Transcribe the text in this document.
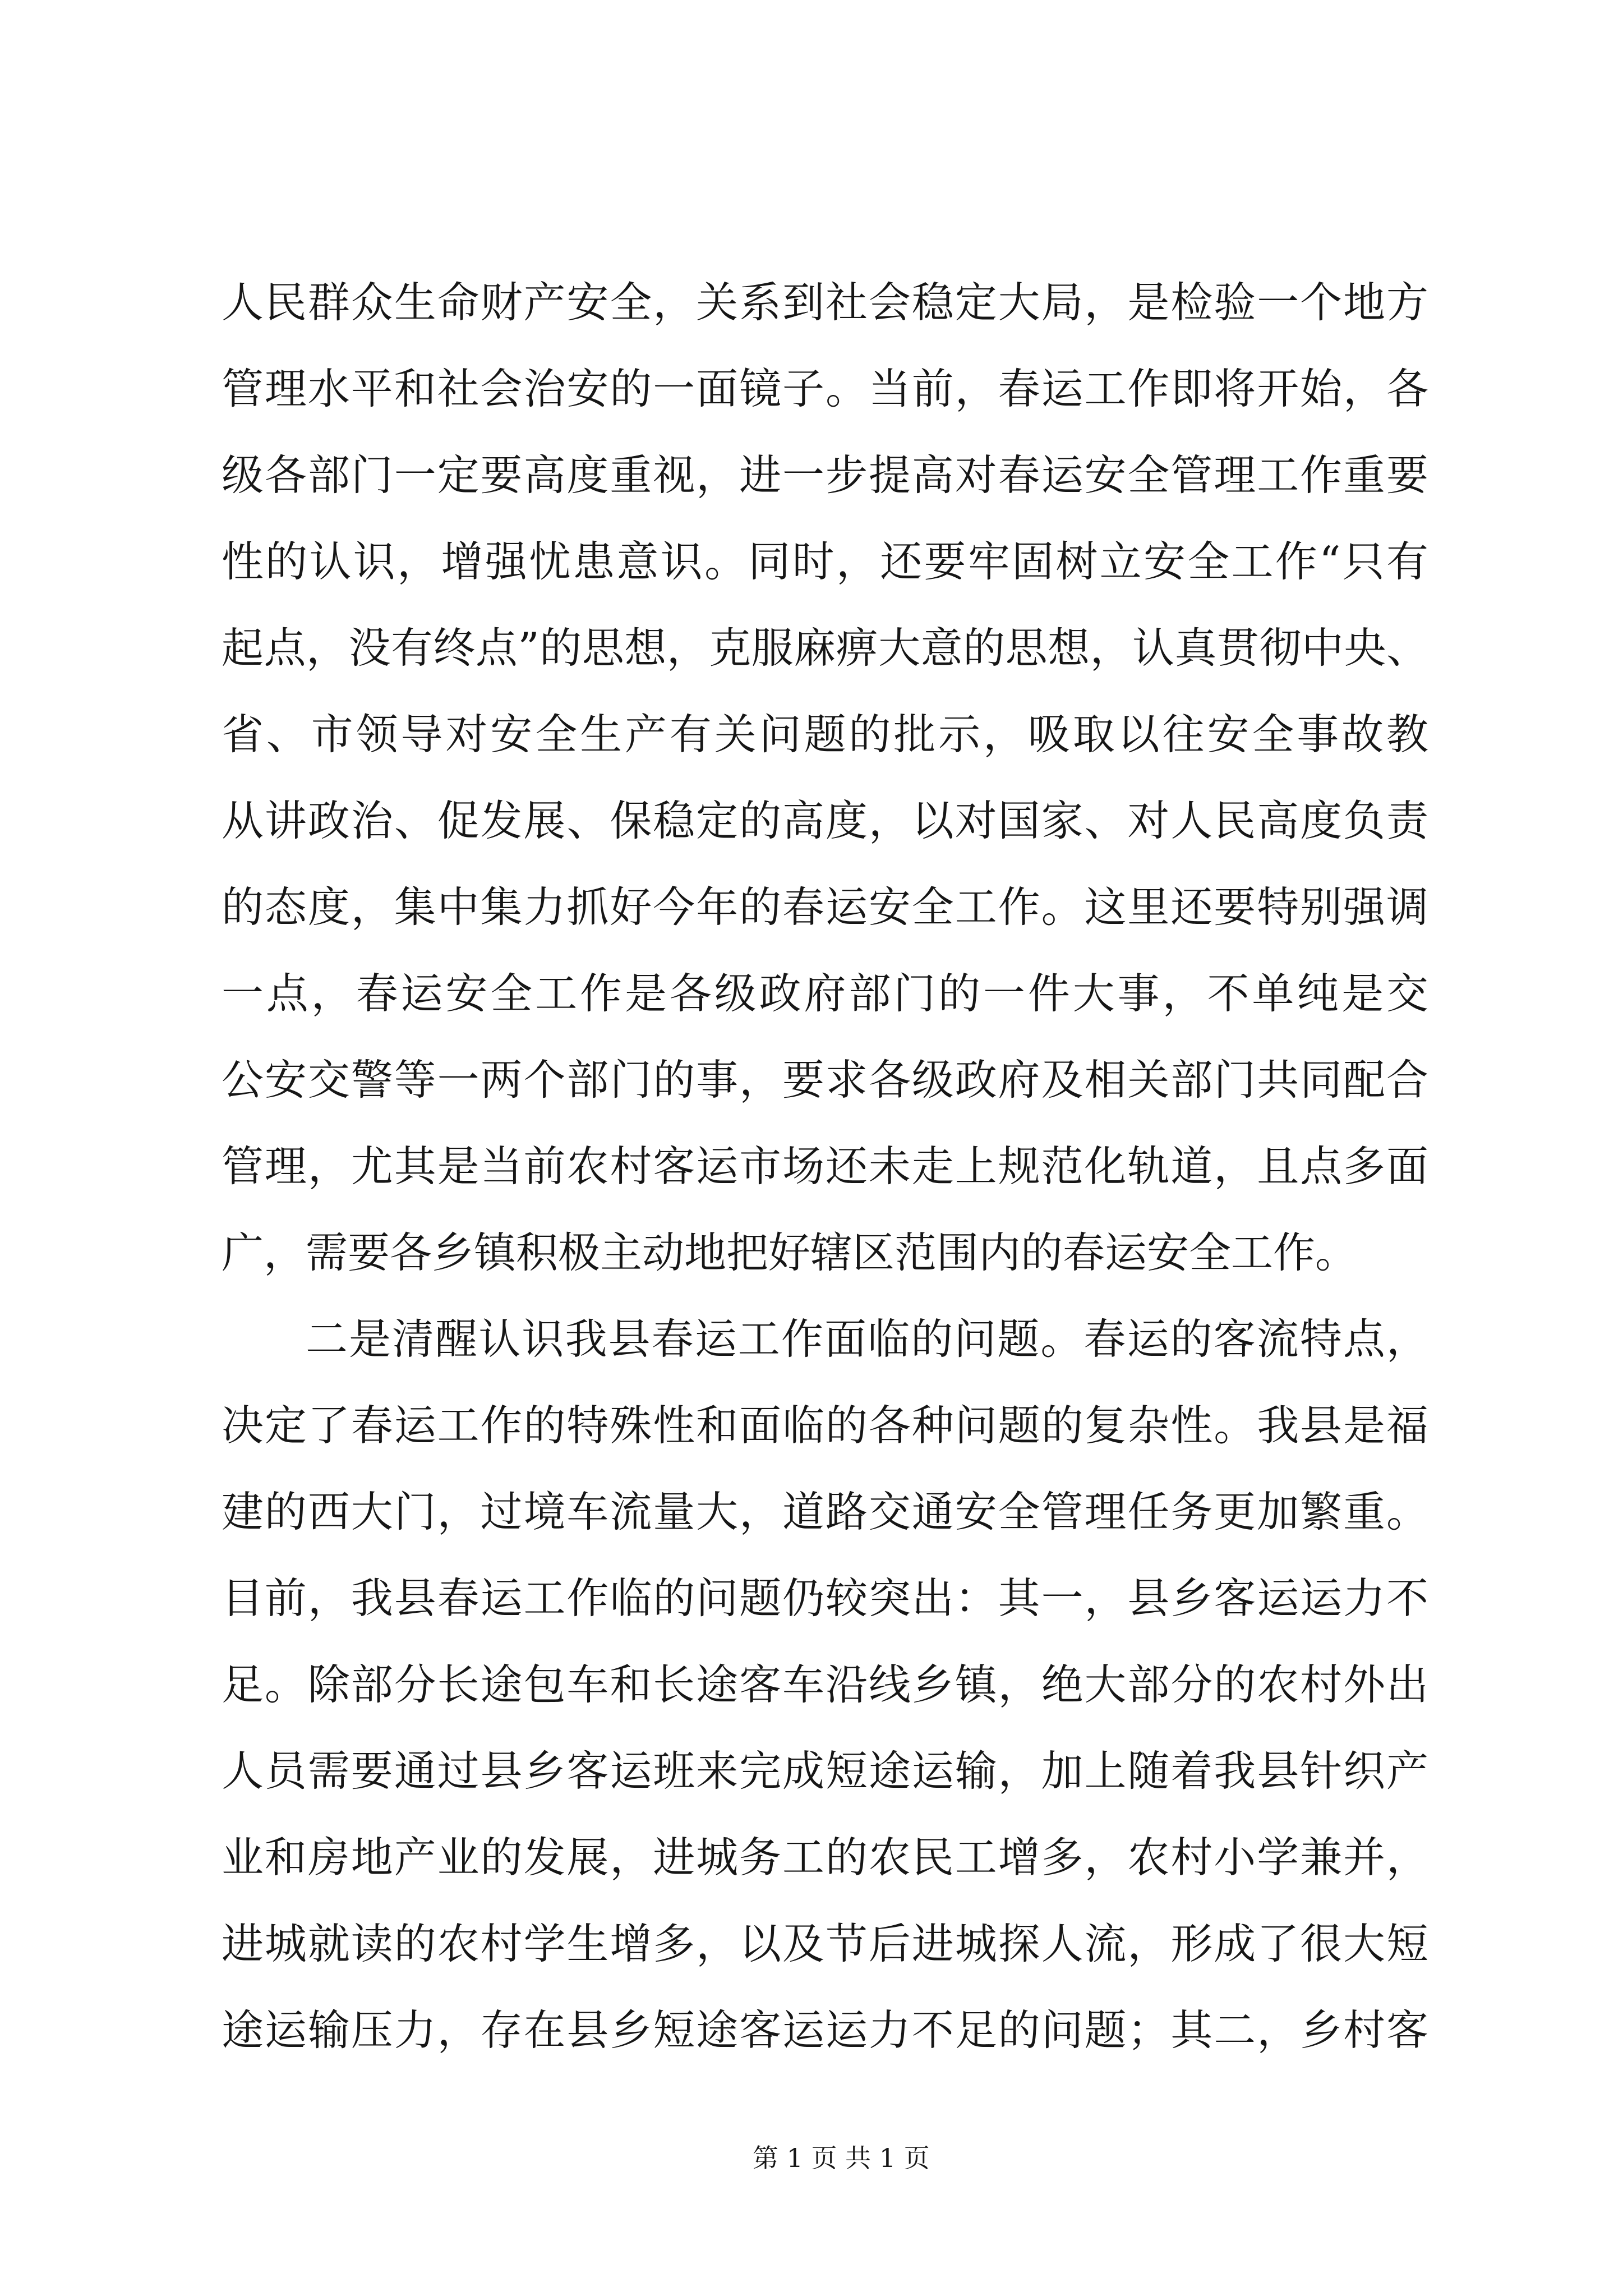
人民群众生命财产安全，关系到社会稳定大局，是检验一个地方
管理水平和社会治安的一面镜子。当前，春运工作即将开始，各
级各部门一定要高度重视，进一步提高对春运安全管理工作重要
性的认识，增强忧患意识。同时，还要牢固树立安全工作“只有
起点，没有终点”的思想，克服麻痹大意的思想，认真贯彻中央、
省、市领导对安全生产有关问题的批示，吸取以往安全事故教
从讲政治、促发展、保稳定的高度，以对国家、对人民高度负责
的态度，集中集力抓好今年的春运安全工作。这里还要特别强调
一点，春运安全工作是各级政府部门的一件大事，不单纯是交
公安交警等一两个部门的事，要求各级政府及相关部门共同配合
管理，尤其是当前农村客运市场还未走上规范化轨道，且点多面
广，需要各乡镇积极主动地把好辖区范围内的春运安全工作。
二是清醒认识我县春运工作面临的问题。春运的客流特点，
决定了春运工作的特殊性和面临的各种问题的复杂性。我县是福
建的西大门，过境车流量大，道路交通安全管理任务更加繁重。
目前，我县春运工作临的问题仍较突出：其一，县乡客运运力不
足。除部分长途包车和长途客车沿线乡镇，绝大部分的农村外出
人员需要通过县乡客运班来完成短途运输，加上随着我县针织产
业和房地产业的发展，进城务工的农民工增多，农村小学兼并，
进城就读的农村学生增多，以及节后进城探人流，形成了很大短
途运输压力，存在县乡短途客运运力不足的问题；其二，乡村客
第 1 页 共 1 页
